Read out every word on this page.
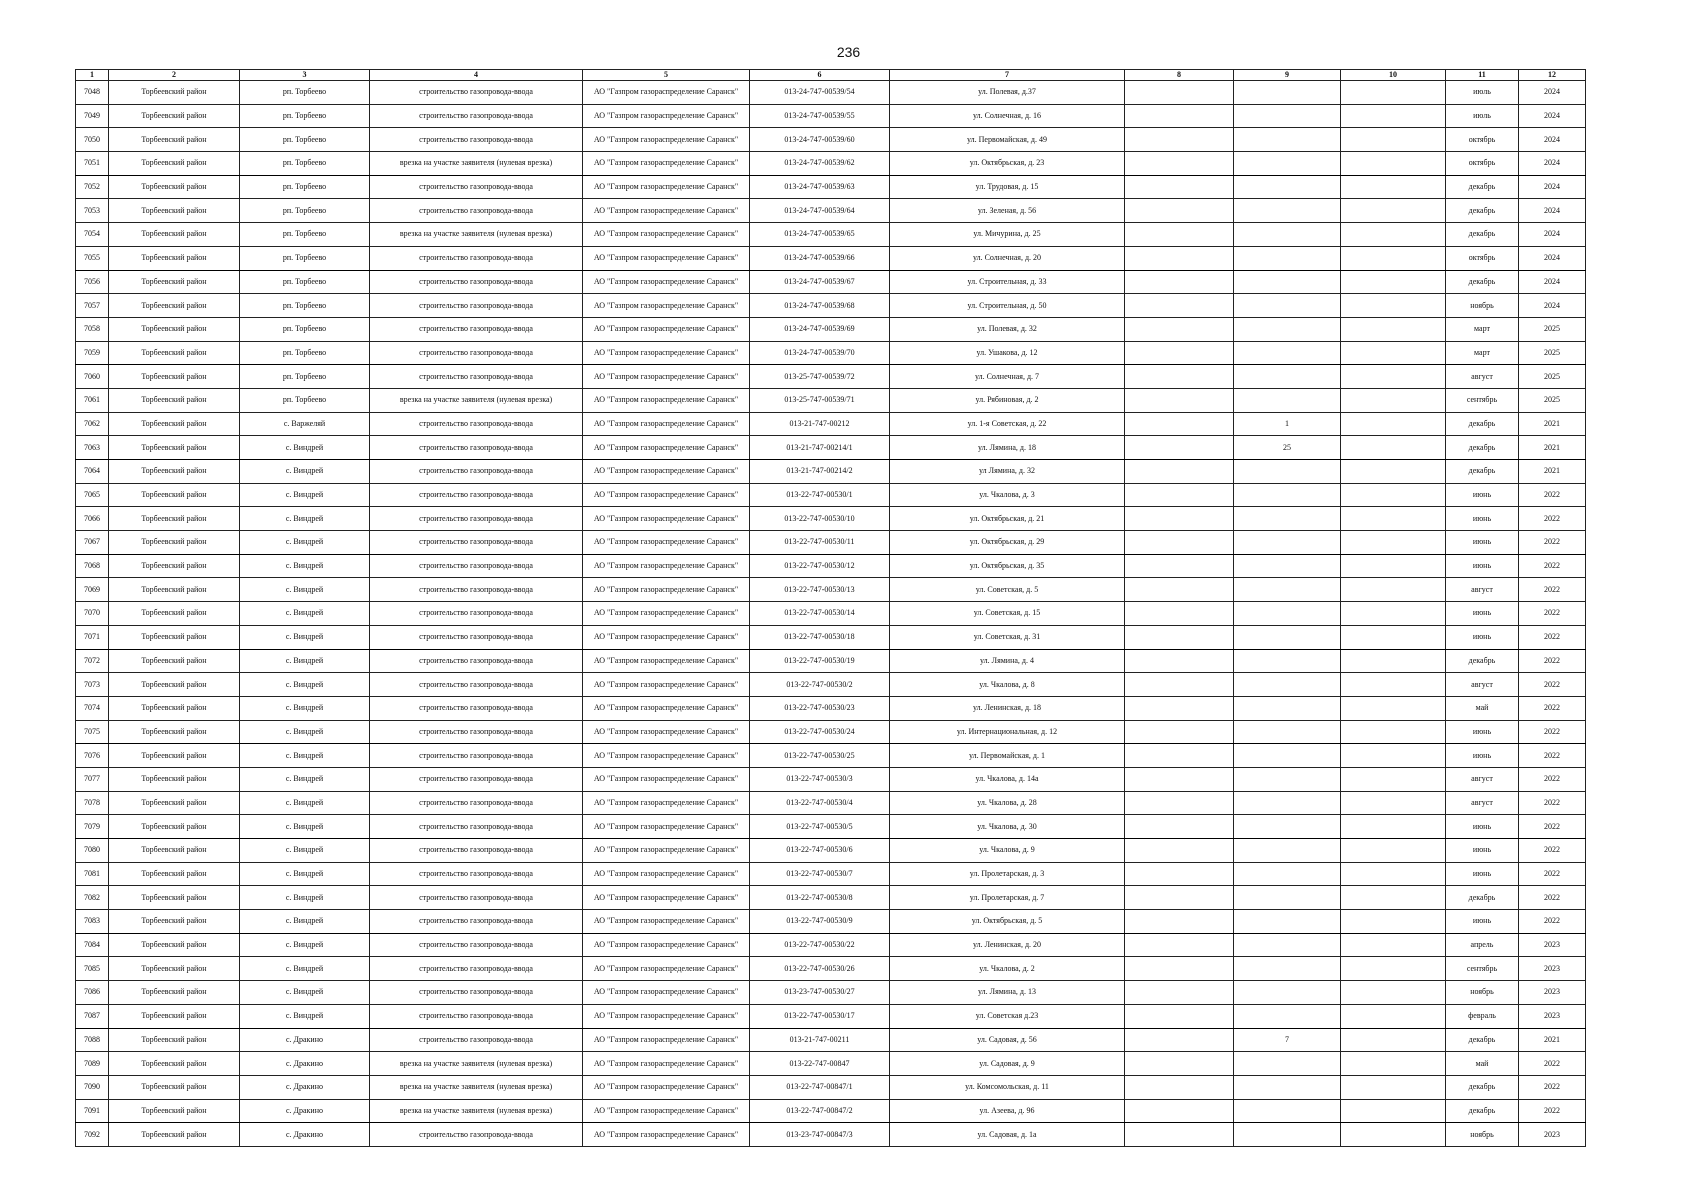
236
1	2	3	4	5	6	7	8	9	10	11	12
7048	Торбеевский район	рп. Торбеево	строительство газопровода-ввода	АО "Газпром газораспределение Саранск"	013-24-747-00539/54	ул. Полевая, д.37				июль	2024
7049	Торбеевский район	рп. Торбеево	строительство газопровода-ввода	АО "Газпром газораспределение Саранск"	013-24-747-00539/55	ул. Солнечная, д. 16				июль	2024
7050	Торбеевский район	рп. Торбеево	строительство газопровода-ввода	АО "Газпром газораспределение Саранск"	013-24-747-00539/60	ул. Первомайская, д. 49				октябрь	2024
7051	Торбеевский район	рп. Торбеево	врезка на участке заявителя (нулевая врезка)	АО "Газпром газораспределение Саранск"	013-24-747-00539/62	ул. Октябрьская, д. 23				октябрь	2024
7052	Торбеевский район	рп. Торбеево	строительство газопровода-ввода	АО "Газпром газораспределение Саранск"	013-24-747-00539/63	ул. Трудовая, д. 15				декабрь	2024
7053	Торбеевский район	рп. Торбеево	строительство газопровода-ввода	АО "Газпром газораспределение Саранск"	013-24-747-00539/64	ул. Зеленая, д. 56				декабрь	2024
7054	Торбеевский район	рп. Торбеево	врезка на участке заявителя (нулевая врезка)	АО "Газпром газораспределение Саранск"	013-24-747-00539/65	ул. Мичурина, д. 25				декабрь	2024
7055	Торбеевский район	рп. Торбеево	строительство газопровода-ввода	АО "Газпром газораспределение Саранск"	013-24-747-00539/66	ул. Солнечная, д. 20				октябрь	2024
7056	Торбеевский район	рп. Торбеево	строительство газопровода-ввода	АО "Газпром газораспределение Саранск"	013-24-747-00539/67	ул. Строительная, д. 33				декабрь	2024
7057	Торбеевский район	рп. Торбеево	строительство газопровода-ввода	АО "Газпром газораспределение Саранск"	013-24-747-00539/68	ул. Строительная, д. 50				ноябрь	2024
7058	Торбеевский район	рп. Торбеево	строительство газопровода-ввода	АО "Газпром газораспределение Саранск"	013-24-747-00539/69	ул. Полевая, д. 32				март	2025
7059	Торбеевский район	рп. Торбеево	строительство газопровода-ввода	АО "Газпром газораспределение Саранск"	013-24-747-00539/70	ул. Ушакова, д. 12				март	2025
7060	Торбеевский район	рп. Торбеево	строительство газопровода-ввода	АО "Газпром газораспределение Саранск"	013-25-747-00539/72	ул. Солнечная, д. 7				август	2025
7061	Торбеевский район	рп. Торбеево	врезка на участке заявителя (нулевая врезка)	АО "Газпром газораспределение Саранск"	013-25-747-00539/71	ул. Рябиновая, д. 2				сентябрь	2025
7062	Торбеевский район	с. Варжеляй	строительство газопровода-ввода	АО "Газпром газораспределение Саранск"	013-21-747-00212	ул. 1-я Советская, д. 22		1		декабрь	2021
7063	Торбеевский район	с. Виндрей	строительство газопровода-ввода	АО "Газпром газораспределение Саранск"	013-21-747-00214/1	ул. Лямина, д. 18		25		декабрь	2021
7064	Торбеевский район	с. Виндрей	строительство газопровода-ввода	АО "Газпром газораспределение Саранск"	013-21-747-00214/2	ул Лямина, д. 32				декабрь	2021
7065	Торбеевский район	с. Виндрей	строительство газопровода-ввода	АО "Газпром газораспределение Саранск"	013-22-747-00530/1	ул. Чкалова, д. 3				июнь	2022
7066	Торбеевский район	с. Виндрей	строительство газопровода-ввода	АО "Газпром газораспределение Саранск"	013-22-747-00530/10	ул. Октябрьская, д. 21				июнь	2022
7067	Торбеевский район	с. Виндрей	строительство газопровода-ввода	АО "Газпром газораспределение Саранск"	013-22-747-00530/11	ул. Октябрьская, д. 29				июнь	2022
7068	Торбеевский район	с. Виндрей	строительство газопровода-ввода	АО "Газпром газораспределение Саранск"	013-22-747-00530/12	ул. Октябрьская, д. 35				июнь	2022
7069	Торбеевский район	с. Виндрей	строительство газопровода-ввода	АО "Газпром газораспределение Саранск"	013-22-747-00530/13	ул. Советская, д. 5				август	2022
7070	Торбеевский район	с. Виндрей	строительство газопровода-ввода	АО "Газпром газораспределение Саранск"	013-22-747-00530/14	ул. Советская, д. 15				июнь	2022
7071	Торбеевский район	с. Виндрей	строительство газопровода-ввода	АО "Газпром газораспределение Саранск"	013-22-747-00530/18	ул. Советская, д. 31				июнь	2022
7072	Торбеевский район	с. Виндрей	строительство газопровода-ввода	АО "Газпром газораспределение Саранск"	013-22-747-00530/19	ул. Лямина, д. 4				декабрь	2022
7073	Торбеевский район	с. Виндрей	строительство газопровода-ввода	АО "Газпром газораспределение Саранск"	013-22-747-00530/2	ул. Чкалова, д. 8				август	2022
7074	Торбеевский район	с. Виндрей	строительство газопровода-ввода	АО "Газпром газораспределение Саранск"	013-22-747-00530/23	ул. Ленинская, д. 18				май	2022
7075	Торбеевский район	с. Виндрей	строительство газопровода-ввода	АО "Газпром газораспределение Саранск"	013-22-747-00530/24	ул. Интернациональная, д. 12				июнь	2022
7076	Торбеевский район	с. Виндрей	строительство газопровода-ввода	АО "Газпром газораспределение Саранск"	013-22-747-00530/25	ул. Первомайская, д. 1				июнь	2022
7077	Торбеевский район	с. Виндрей	строительство газопровода-ввода	АО "Газпром газораспределение Саранск"	013-22-747-00530/3	ул. Чкалова, д. 14а				август	2022
7078	Торбеевский район	с. Виндрей	строительство газопровода-ввода	АО "Газпром газораспределение Саранск"	013-22-747-00530/4	ул. Чкалова, д. 28				август	2022
7079	Торбеевский район	с. Виндрей	строительство газопровода-ввода	АО "Газпром газораспределение Саранск"	013-22-747-00530/5	ул. Чкалова, д. 30				июнь	2022
7080	Торбеевский район	с. Виндрей	строительство газопровода-ввода	АО "Газпром газораспределение Саранск"	013-22-747-00530/6	ул. Чкалова, д. 9				июнь	2022
7081	Торбеевский район	с. Виндрей	строительство газопровода-ввода	АО "Газпром газораспределение Саранск"	013-22-747-00530/7	ул. Пролетарская, д. 3				июнь	2022
7082	Торбеевский район	с. Виндрей	строительство газопровода-ввода	АО "Газпром газораспределение Саранск"	013-22-747-00530/8	ул. Пролетарская, д. 7				декабрь	2022
7083	Торбеевский район	с. Виндрей	строительство газопровода-ввода	АО "Газпром газораспределение Саранск"	013-22-747-00530/9	ул. Октябрьская, д. 5				июнь	2022
7084	Торбеевский район	с. Виндрей	строительство газопровода-ввода	АО "Газпром газораспределение Саранск"	013-22-747-00530/22	ул. Ленинская, д. 20				апрель	2023
7085	Торбеевский район	с. Виндрей	строительство газопровода-ввода	АО "Газпром газораспределение Саранск"	013-22-747-00530/26	ул. Чкалова, д. 2				сентябрь	2023
7086	Торбеевский район	с. Виндрей	строительство газопровода-ввода	АО "Газпром газораспределение Саранск"	013-23-747-00530/27	ул. Лямина, д. 13				ноябрь	2023
7087	Торбеевский район	с. Виндрей	строительство газопровода-ввода	АО "Газпром газораспределение Саранск"	013-22-747-00530/17	ул. Советская д.23				февраль	2023
7088	Торбеевский район	с. Дракино	строительство газопровода-ввода	АО "Газпром газораспределение Саранск"	013-21-747-00211	ул. Садовая, д. 56		7		декабрь	2021
7089	Торбеевский район	с. Дракино	врезка на участке заявителя (нулевая врезка)	АО "Газпром газораспределение Саранск"	013-22-747-00847	ул. Садовая, д. 9				май	2022
7090	Торбеевский район	с. Дракино	врезка на участке заявителя (нулевая врезка)	АО "Газпром газораспределение Саранск"	013-22-747-00847/1	ул. Комсомольская, д. 11				декабрь	2022
7091	Торбеевский район	с. Дракино	врезка на участке заявителя (нулевая врезка)	АО "Газпром газораспределение Саранск"	013-22-747-00847/2	ул. Азеева, д. 96				декабрь	2022
7092	Торбеевский район	с. Дракино	строительство газопровода-ввода	АО "Газпром газораспределение Саранск"	013-23-747-00847/3	ул. Садовая, д. 1а				ноябрь	2023
